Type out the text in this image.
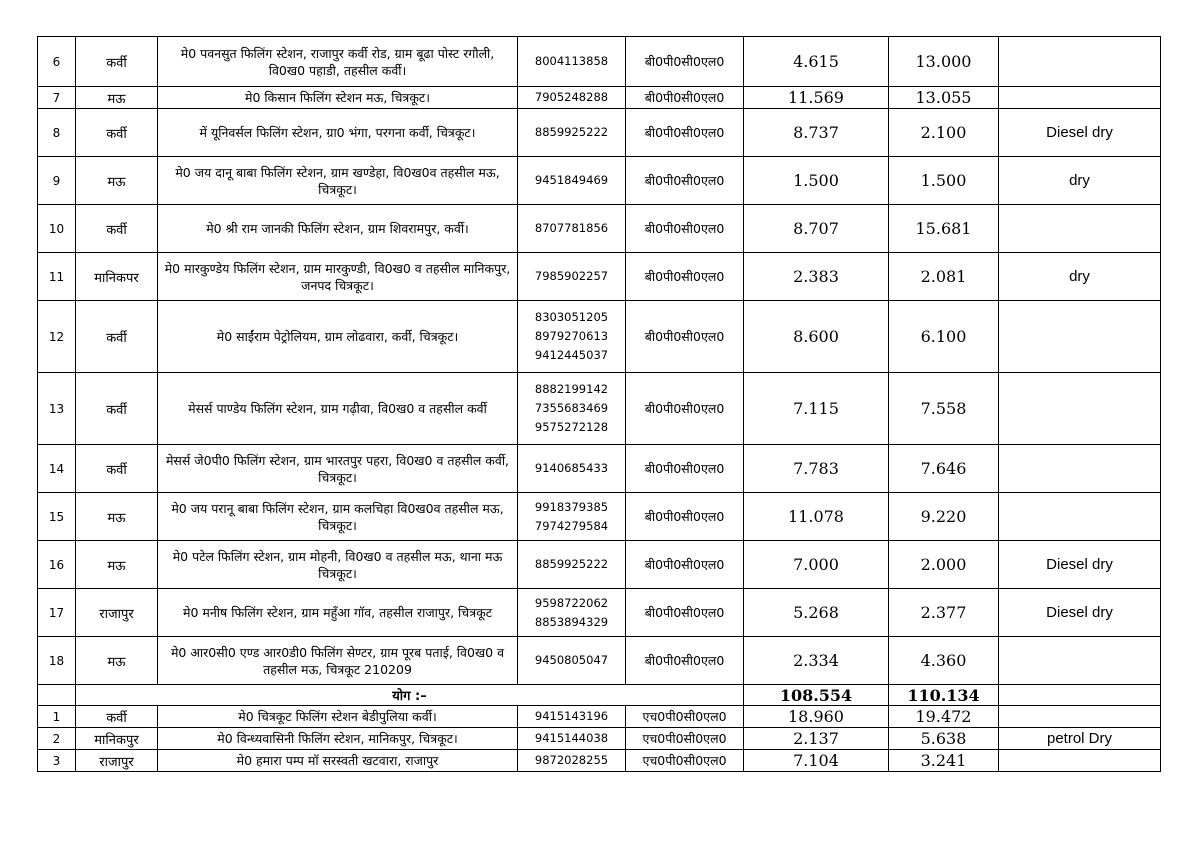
6	कर्वी	मे0 पवनसुत फिलिंग स्टेशन, राजापुर कर्वी रोड, ग्राम बूढा पोस्ट रगौली, वि0ख0 पहाडी, तहसील कर्वी।	8004113858	बी0पी0सी0एल0	4.615	13.000	
7	मऊ	मे0 किसान फिलिंग स्टेशन मऊ, चित्रकूट।	7905248288	बी0पी0सी0एल0	11.569	13.055	
8	कर्वी	में यूनिवर्सल फिलिंग स्टेशन, ग्रा0 भंगा, परगना कर्वी, चित्रकूट।	8859925222	बी0पी0सी0एल0	8.737	2.100	Diesel dry
9	मऊ	मे0 जय दानू बाबा फिलिंग स्टेशन, ग्राम खण्डेहा, वि0ख0व तहसील मऊ, चित्रकूट।	9451849469	बी0पी0सी0एल0	1.500	1.500	dry
10	कर्वी	मे0 श्री राम जानकी फिलिंग स्टेशन, ग्राम शिवरामपुर, कर्वी।	8707781856	बी0पी0सी0एल0	8.707	15.681	
11	मानिकपर	मे0 मारकुण्डेय फिलिंग स्टेशन, ग्राम मारकुण्डी, वि0ख0 व तहसील मानिकपुर, जनपद चित्रकूट।	7985902257	बी0पी0सी0एल0	2.383	2.081	dry
12	कर्वी	मे0 साईंराम पेट्रोलियम, ग्राम लोढवारा, कर्वी, चित्रकूट।	8303051205
8979270613
9412445037	बी0पी0सी0एल0	8.600	6.100	
13	कर्वी	मेसर्स पाण्डेय फिलिंग स्टेशन, ग्राम गढ़ीवा, वि0ख0 व तहसील कर्वी	8882199142
7355683469
9575272128	बी0पी0सी0एल0	7.115	7.558	
14	कर्वी	मेसर्स जे0पी0 फिलिंग स्टेशन, ग्राम भारतपुर पहरा, वि0ख0 व तहसील कर्वी, चित्रकूट।	9140685433	बी0पी0सी0एल0	7.783	7.646	
15	मऊ	मे0 जय परानू बाबा फिलिंग स्टेशन, ग्राम कलचिहा वि0ख0व तहसील मऊ, चित्रकूट।	9918379385
7974279584	बी0पी0सी0एल0	11.078	9.220	
16	मऊ	मे0 पटेल फिलिंग स्टेशन, ग्राम मोहनी, वि0ख0 व तहसील मऊ, थाना मऊ चित्रकूट।	8859925222	बी0पी0सी0एल0	7.000	2.000	Diesel dry
17	राजापुर	मे0 मनीष फिलिंग स्टेशन, ग्राम महुँआ गॉव, तहसील राजापुर, चित्रकूट	9598722062
8853894329	बी0पी0सी0एल0	5.268	2.377	Diesel dry
18	मऊ	मे0 आर0सी0 एण्ड आर0डी0 फिलिंग सेण्टर, ग्राम पूरब पताई, वि0ख0 व तहसील मऊ, चित्रकूट 210209	9450805047	बी0पी0सी0एल0	2.334	4.360	
	योग :–				108.554	110.134	
1	कर्वी	मे0 चित्रकूट फिलिंग स्टेशन बेडीपुलिया कर्वी।	9415143196	एच0पी0सी0एल0	18.960	19.472	
2	मानिकपुर	मे0 विन्ध्यवासिनी फिलिंग स्टेशन, मानिकपुर, चित्रकूट।	9415144038	एच0पी0सी0एल0	2.137	5.638	petrol Dry
3	राजापुर	मे0 हमारा पम्प मॉ सरस्वती खटवारा, राजापुर	9872028255	एच0पी0सी0एल0	7.104	3.241	
